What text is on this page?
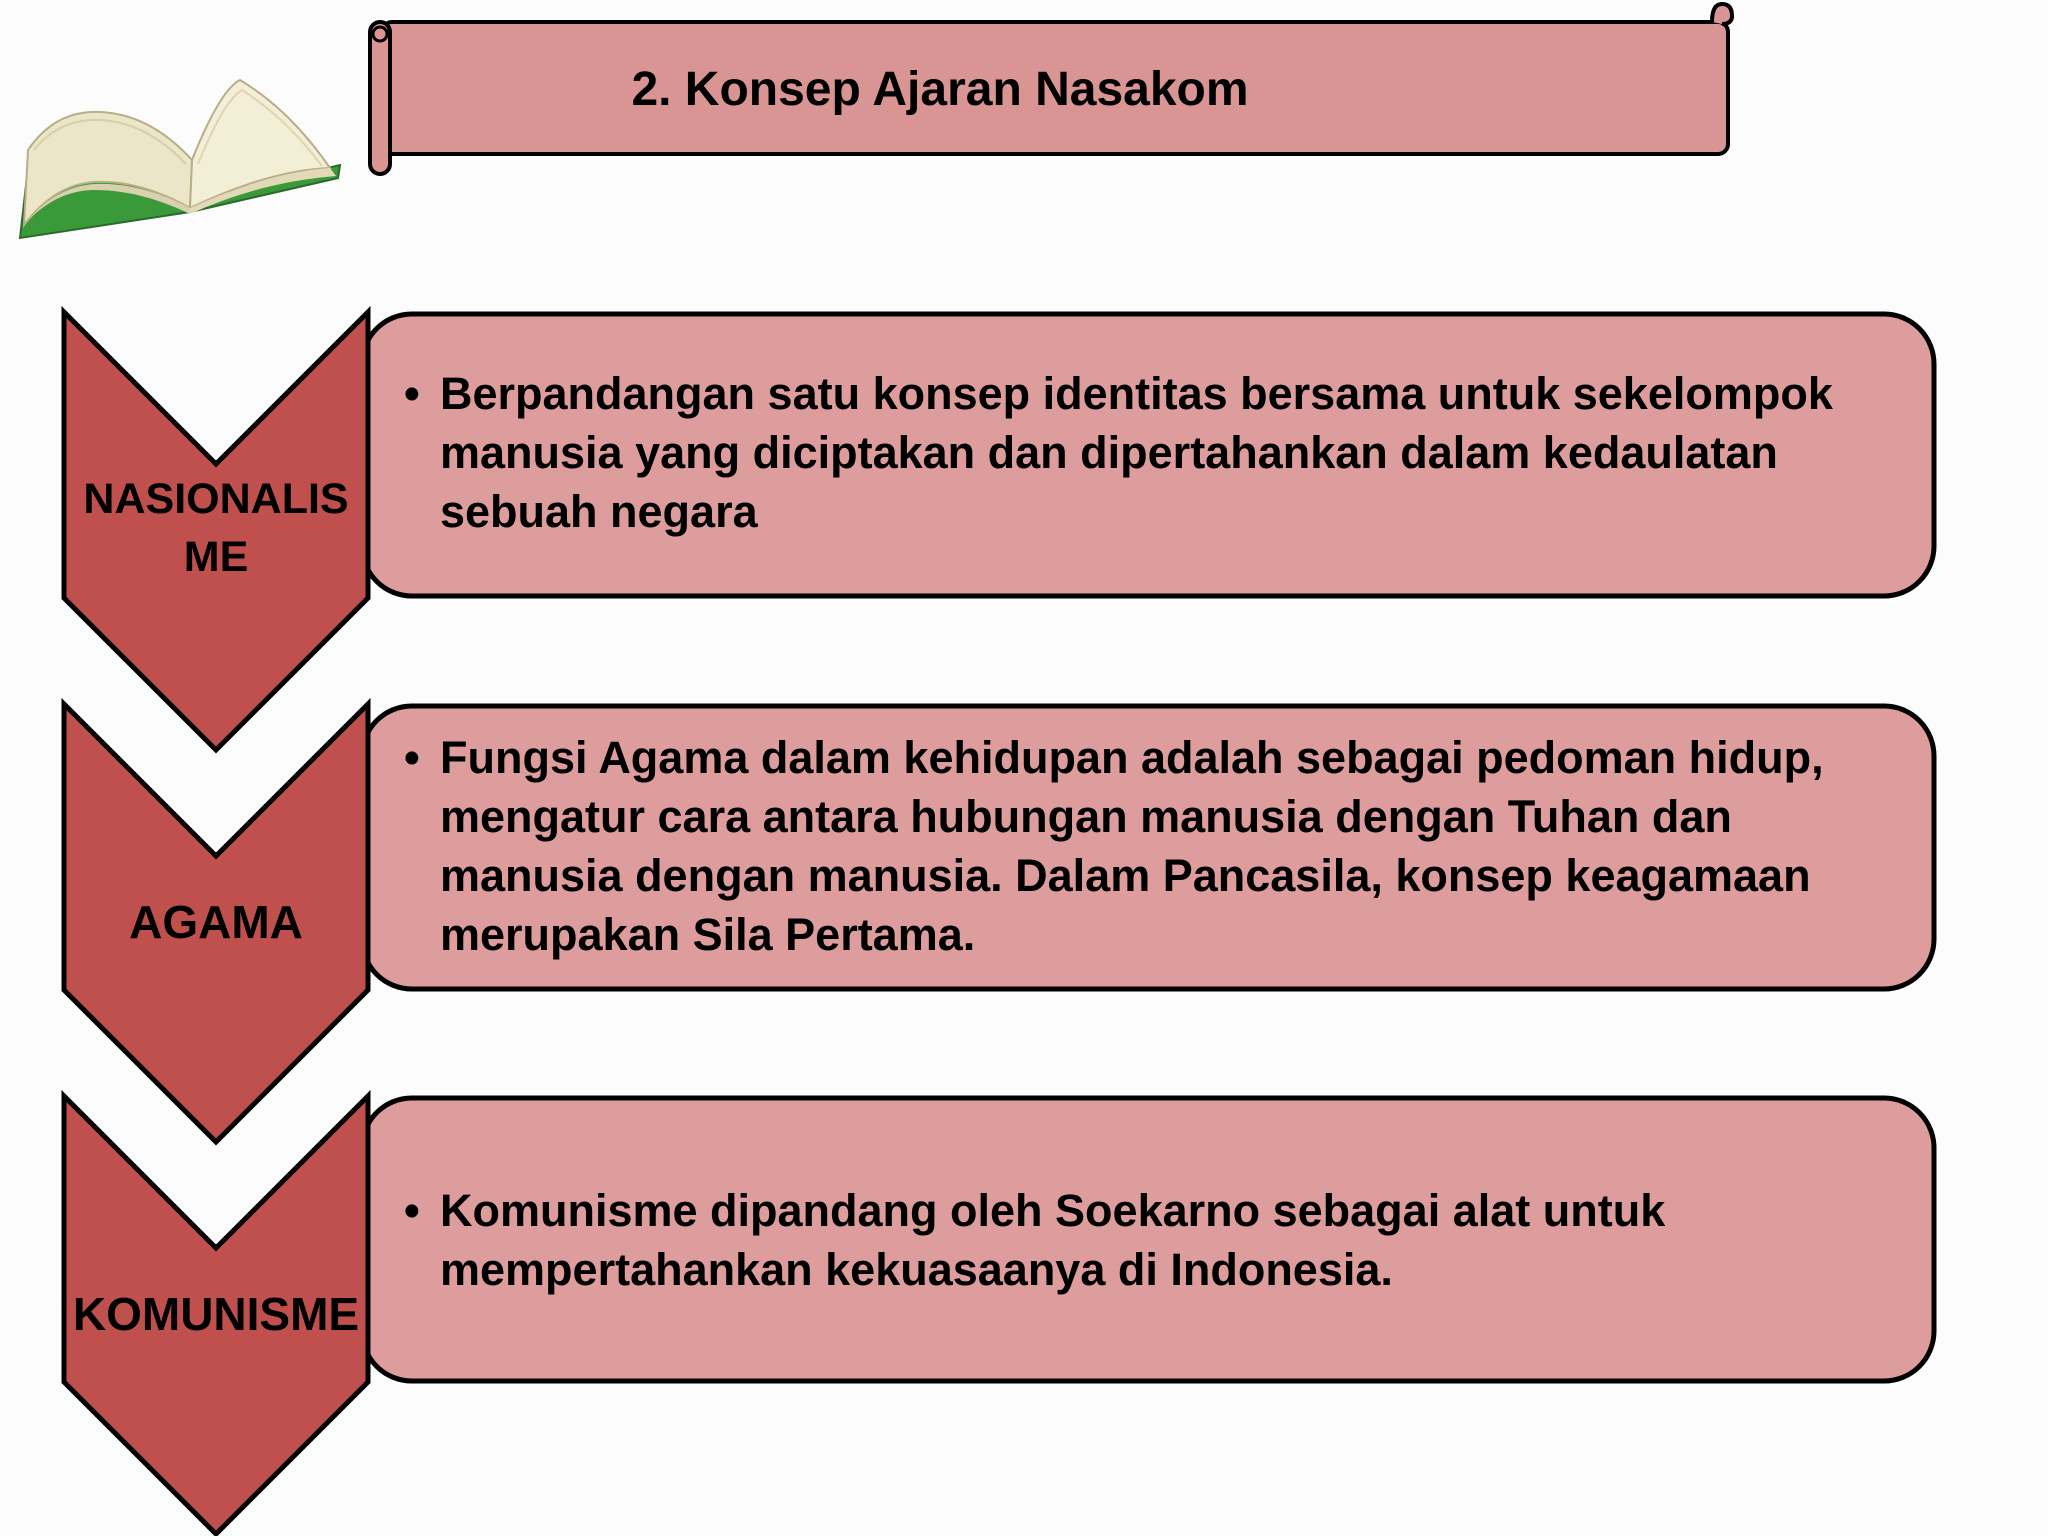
2. Konsep Ajaran Nasakom
NASIONALIS
ME
AGAMA
KOMUNISME
• Berpandangan satu konsep identitas bersama untuk sekelompok manusia yang diciptakan dan dipertahankan dalam kedaulatan sebuah negara
• Fungsi Agama dalam kehidupan adalah sebagai pedoman hidup, mengatur cara antara hubungan manusia dengan Tuhan dan manusia dengan manusia. Dalam Pancasila, konsep keagamaan merupakan Sila Pertama.
• Komunisme dipandang oleh Soekarno sebagai alat untuk mempertahankan kekuasaanya di Indonesia.
